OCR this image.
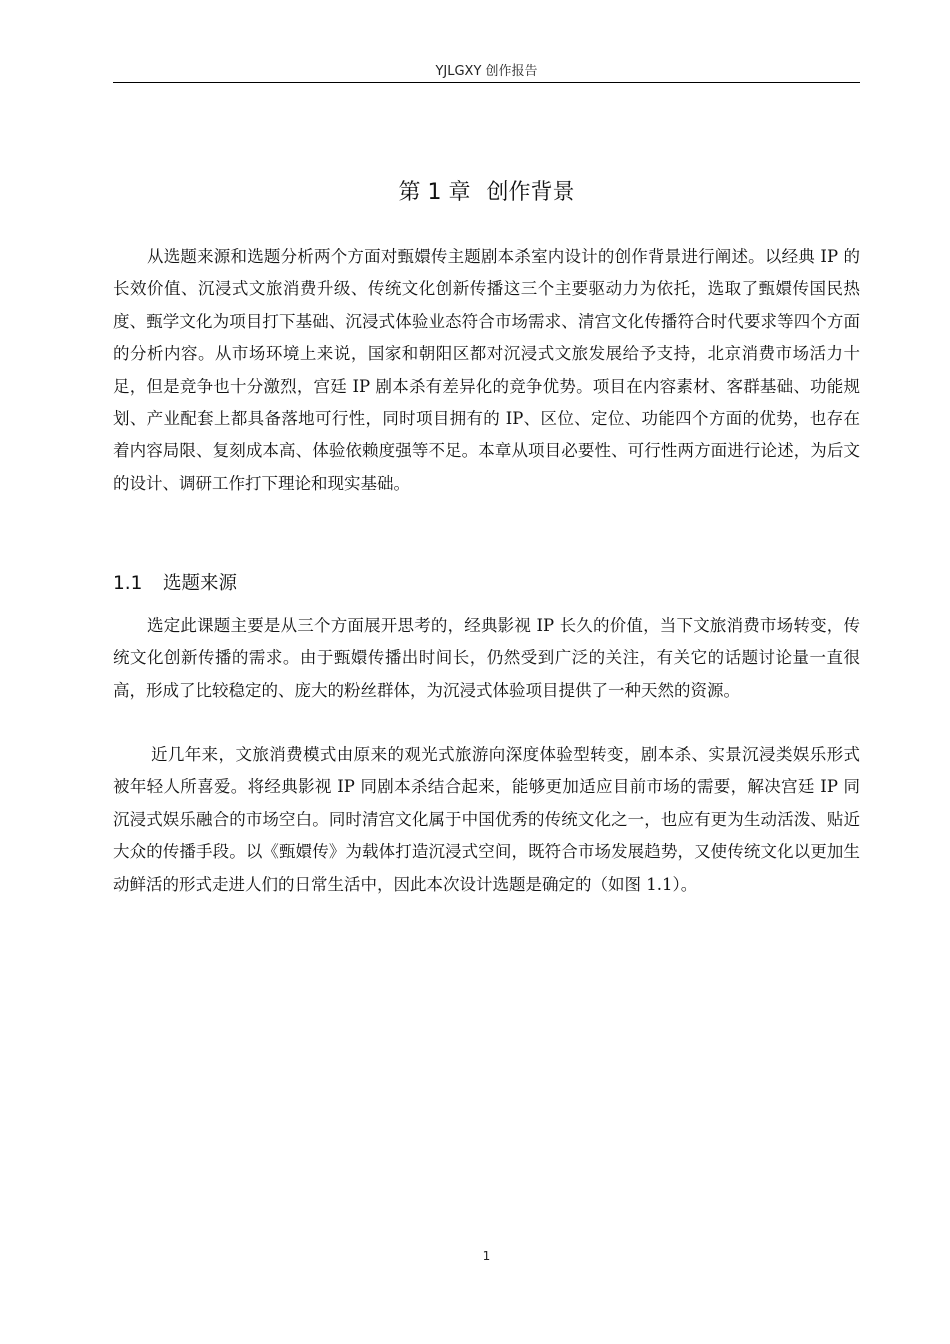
YJLGXY 创作报告
第 1 章 创作背景

从选题来源和选题分析两个方面对甄嬛传主题剧本杀室内设计的创作背景进行阐述。以经典 IP 的长效价值、沉浸式文旅消费升级、传统文化创新传播这三个主要驱动力为依托，选取了甄嬛传国民热度、甄学文化为项目打下基础、沉浸式体验业态符合市场需求、清宫文化传播符合时代要求等四个方面的分析内容。从市场环境上来说，国家和朝阳区都对沉浸式文旅发展给予支持，北京消费市场活力十足，但是竞争也十分激烈，宫廷 IP 剧本杀有差异化的竞争优势。项目在内容素材、客群基础、功能规划、产业配套上都具备落地可行性，同时项目拥有的 IP、区位、定位、功能四个方面的优势，也存在着内容局限、复刻成本高、体验依赖度强等不足。本章从项目必要性、可行性两方面进行论述，为后文的设计、调研工作打下理论和现实基础。

1.1 选题来源

选定此课题主要是从三个方面展开思考的，经典影视 IP 长久的价值，当下文旅消费市场转变，传统文化创新传播的需求。由于甄嬛传播出时间长，仍然受到广泛的关注，有关它的话题讨论量一直很高，形成了比较稳定的、庞大的粉丝群体，为沉浸式体验项目提供了一种天然的资源。

近几年来，文旅消费模式由原来的观光式旅游向深度体验型转变，剧本杀、实景沉浸类娱乐形式被年轻人所喜爱。将经典影视 IP 同剧本杀结合起来，能够更加适应目前市场的需要，解决宫廷 IP 同沉浸式娱乐融合的市场空白。同时清宫文化属于中国优秀的传统文化之一，也应有更为生动活泼、贴近大众的传播手段。以《甄嬛传》为载体打造沉浸式空间，既符合市场发展趋势，又使传统文化以更加生动鲜活的形式走进人们的日常生活中，因此本次设计选题是确定的（如图 1.1）。

1
